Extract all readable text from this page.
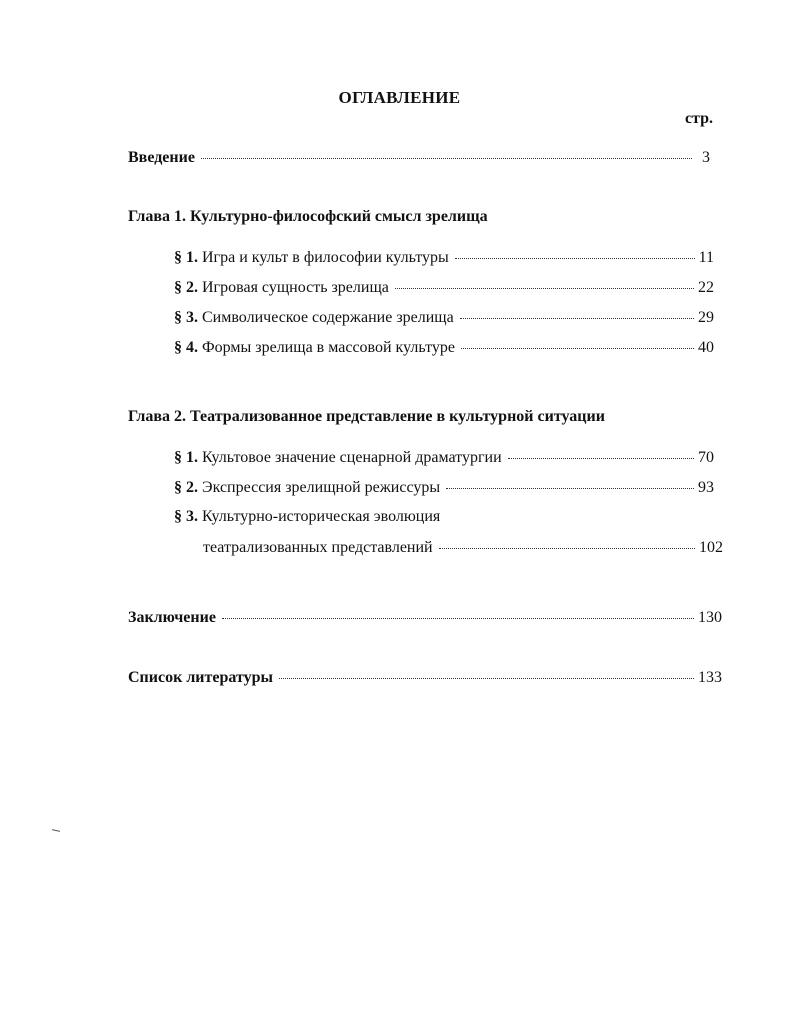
ОГЛАВЛЕНИЕ
стр.
Введение	3
Глава 1. Культурно-философский смысл зрелища
§ 1. Игра и культ в философии культуры	11
§ 2. Игровая сущность зрелища	22
§ 3. Символическое содержание зрелища	29
§ 4. Формы зрелища в массовой культуре	40
Глава 2. Театрализованное представление в культурной ситуации
§ 1. Культовое значение сценарной драматургии	70
§ 2. Экспрессия зрелищной режиссуры	93
§ 3. Культурно-историческая эволюция
театрализованных представлений	102
Заключение	130
Список литературы	133
